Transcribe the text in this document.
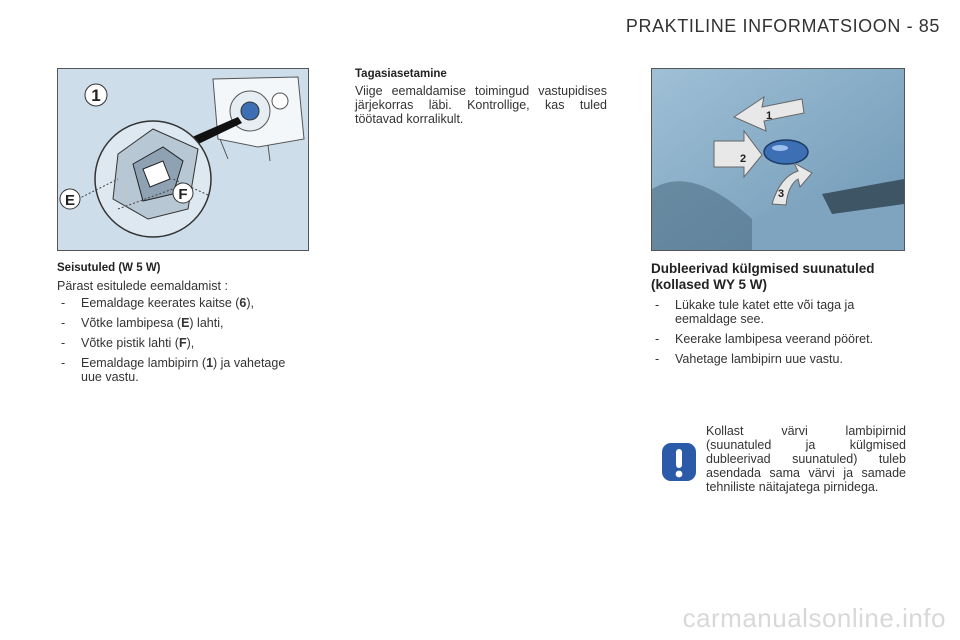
PRAKTILINE INFORMATSIOON - 85
1
E	F
Seisutuled (W 5 W)
Pärast esitulede eemaldamist :
- Eemaldage keerates kaitse (6),
- Võtke lambipesa (E) lahti,
- Võtke pistik lahti (F),
- Eemaldage lambipirn (1) ja vahetage uue vastu.
Tagasiasetamine
Viige eemaldamise toimingud vastupidises järjekorras läbi. Kontrollige, kas tuled töötavad korralikult.	1
2
3
Dubleerivad külgmised suunatuled (kollased WY 5 W)
- Lükake tule katet ette või taga ja eemaldage see.
- Keerake lambipesa veerand pööret.
- Vahetage lambipirn uue vastu.
Kollast värvi lambipirnid (suunatuled ja külgmised dubleerivad suunatuled) tuleb asendada sama värvi ja samade tehniliste näitajatega pirnidega.
carmanualsonline.info
